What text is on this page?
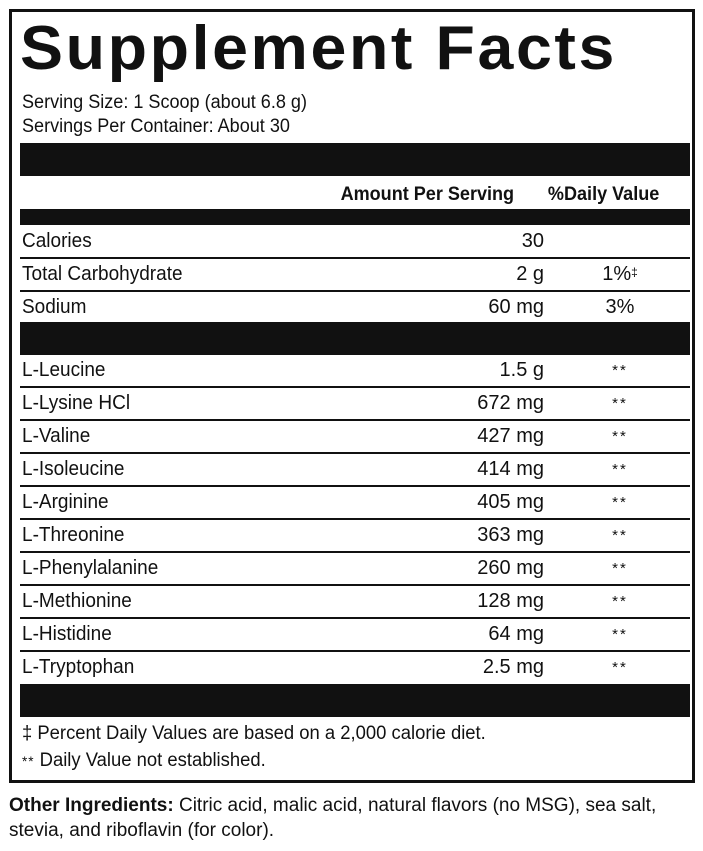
Supplement Facts
Serving Size: 1 Scoop (about 6.8 g)
Servings Per Container: About 30
Amount Per Serving %Daily Value
Calories	30
Total Carbohydrate	2 g	1%‡
Sodium	60 mg	3%
L-Leucine	1.5 g	**
L-Lysine HCl	672 mg	**
L-Valine	427 mg	**
L-Isoleucine	414 mg	**
L-Arginine	405 mg	**
L-Threonine	363 mg	**
L-Phenylalanine	260 mg	**
L-Methionine	128 mg	**
L-Histidine	64 mg	**
L-Tryptophan	2.5 mg	**
‡ Percent Daily Values are based on a 2,000 calorie diet.
** Daily Value not established.
Other Ingredients: Citric acid, malic acid, natural flavors (no MSG), sea salt, stevia, and riboflavin (for color).
